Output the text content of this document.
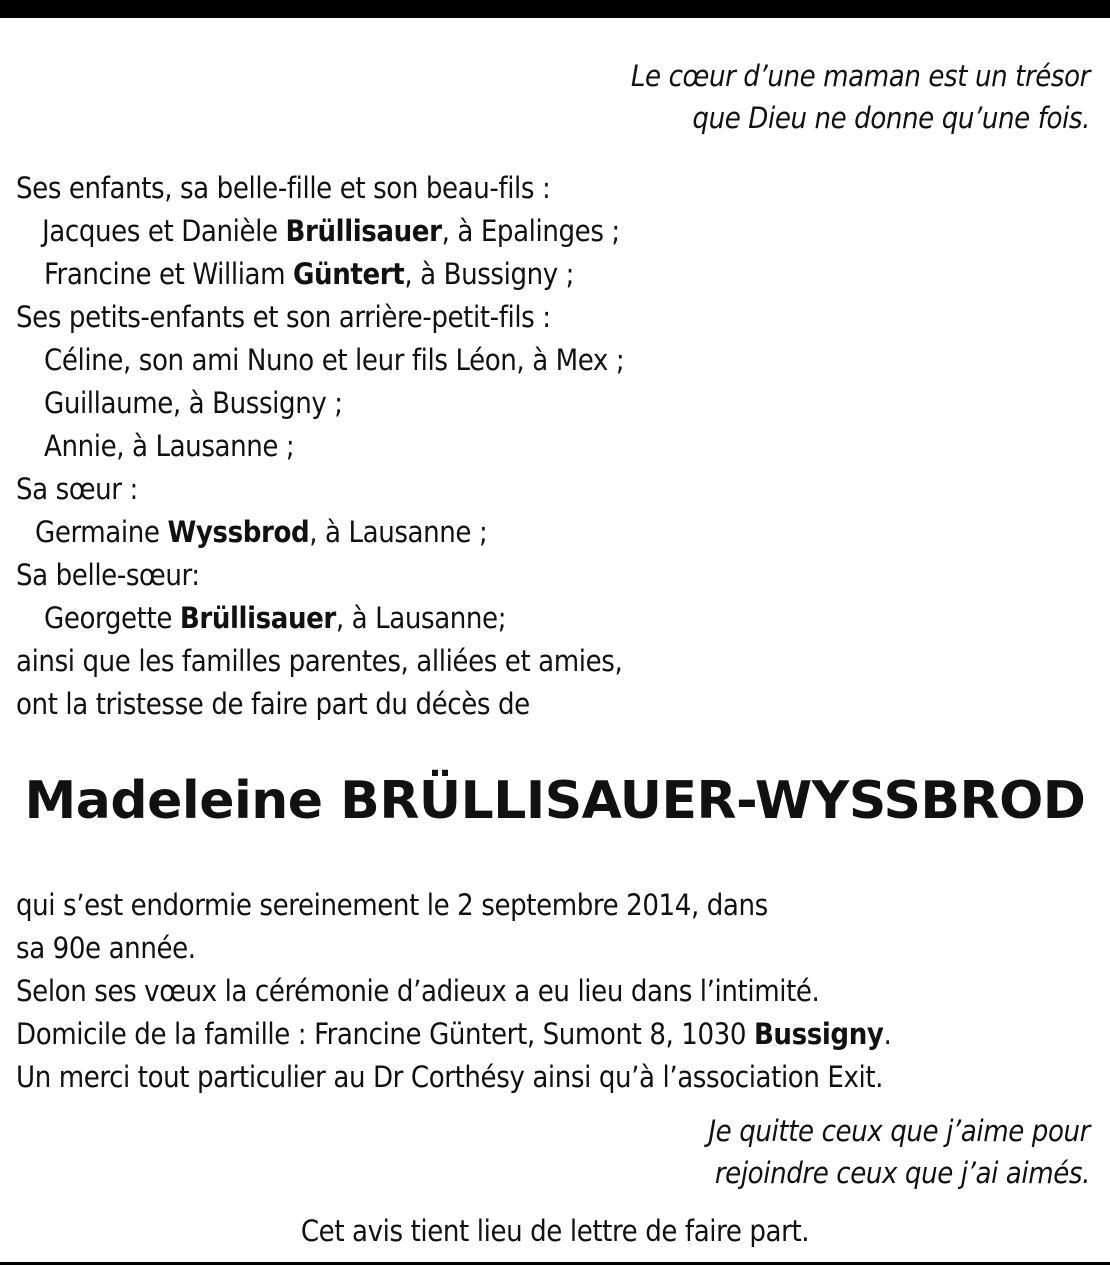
Le cœur d’une maman est un trésor
que Dieu ne donne qu’une fois.
Ses enfants, sa belle-fille et son beau-fils :
Jacques et Danièle Brüllisauer, à Epalinges ;
Francine et William Güntert, à Bussigny ;
Ses petits-enfants et son arrière-petit-fils :
Céline, son ami Nuno et leur fils Léon, à Mex ;
Guillaume, à Bussigny ;
Annie, à Lausanne ;
Sa sœur :
Germaine Wyssbrod, à Lausanne ;
Sa belle-sœur:
Georgette Brüllisauer, à Lausanne;
ainsi que les familles parentes, alliées et amies,
ont la tristesse de faire part du décès de
Madeleine BRÜLLISAUER-WYSSBROD
qui s’est endormie sereinement le 2 septembre 2014, dans
sa 90e année.
Selon ses vœux la cérémonie d’adieux a eu lieu dans l’intimité.
Domicile de la famille : Francine Güntert, Sumont 8, 1030 Bussigny.
Un merci tout particulier au Dr Corthésy ainsi qu’à l’association Exit.
Je quitte ceux que j’aime pour
rejoindre ceux que j’ai aimés.
Cet avis tient lieu de lettre de faire part.
